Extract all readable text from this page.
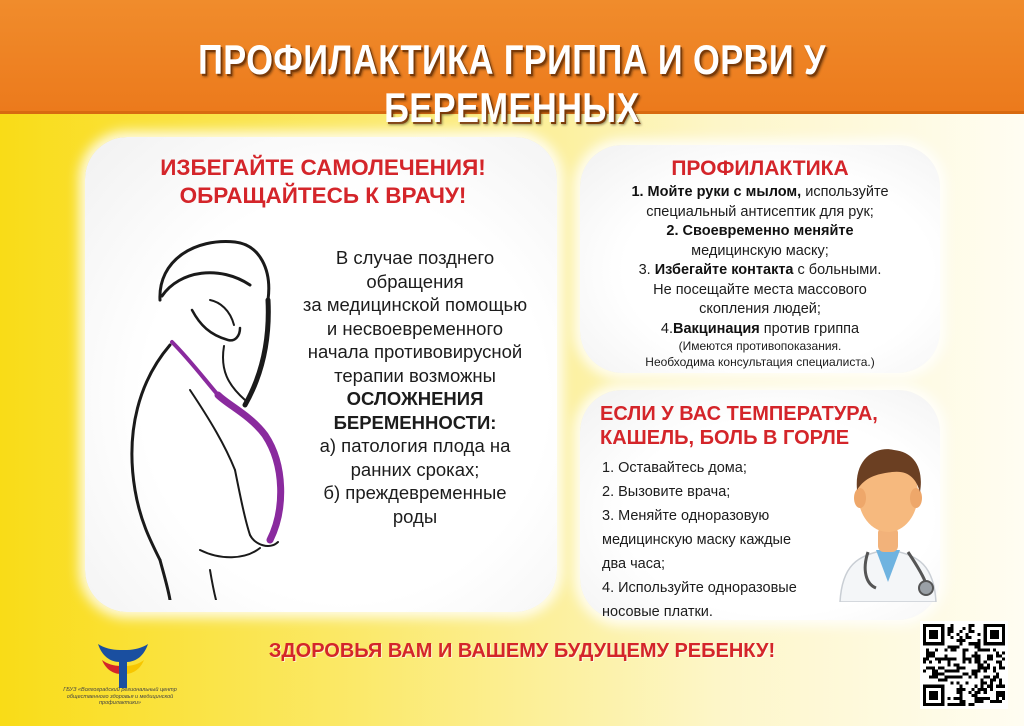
ПРОФИЛАКТИКА ГРИППА И ОРВИ У БЕРЕМЕННЫХ
ИЗБЕГАЙТЕ САМОЛЕЧЕНИЯ!
ОБРАЩАЙТЕСЬ К ВРАЧУ!
В случае позднего
обращения
за медицинской помощью
и несвоевременного
начала противовирусной
терапии возможны
ОСЛОЖНЕНИЯ
БЕРЕМЕННОСТИ:
а) патология плода на
ранних сроках;
б) преждевременные
роды
ПРОФИЛАКТИКА
1. Мойте руки с мылом, используйте
специальный антисептик для рук;
2. Своевременно меняйте
медицинскую маску;
3. Избегайте контакта с больными.
Не посещайте места массового
скопления людей;
4.Вакцинация против гриппа
(Имеются противопоказания.
Необходима консультация специалиста.)
ЕСЛИ У ВАС ТЕМПЕРАТУРА,
КАШЕЛЬ, БОЛЬ В ГОРЛЕ
1. Оставайтесь дома;
2. Вызовите врача;
3. Меняйте одноразовую
медицинскую маску каждые
два часа;
4. Используйте одноразовые
носовые платки.
ЗДОРОВЬЯ ВАМ И ВАШЕМУ БУДУЩЕМУ РЕБЕНКУ!
ГБУЗ «Волгоградский региональный центр общественного здоровья и медицинской профилактики»
